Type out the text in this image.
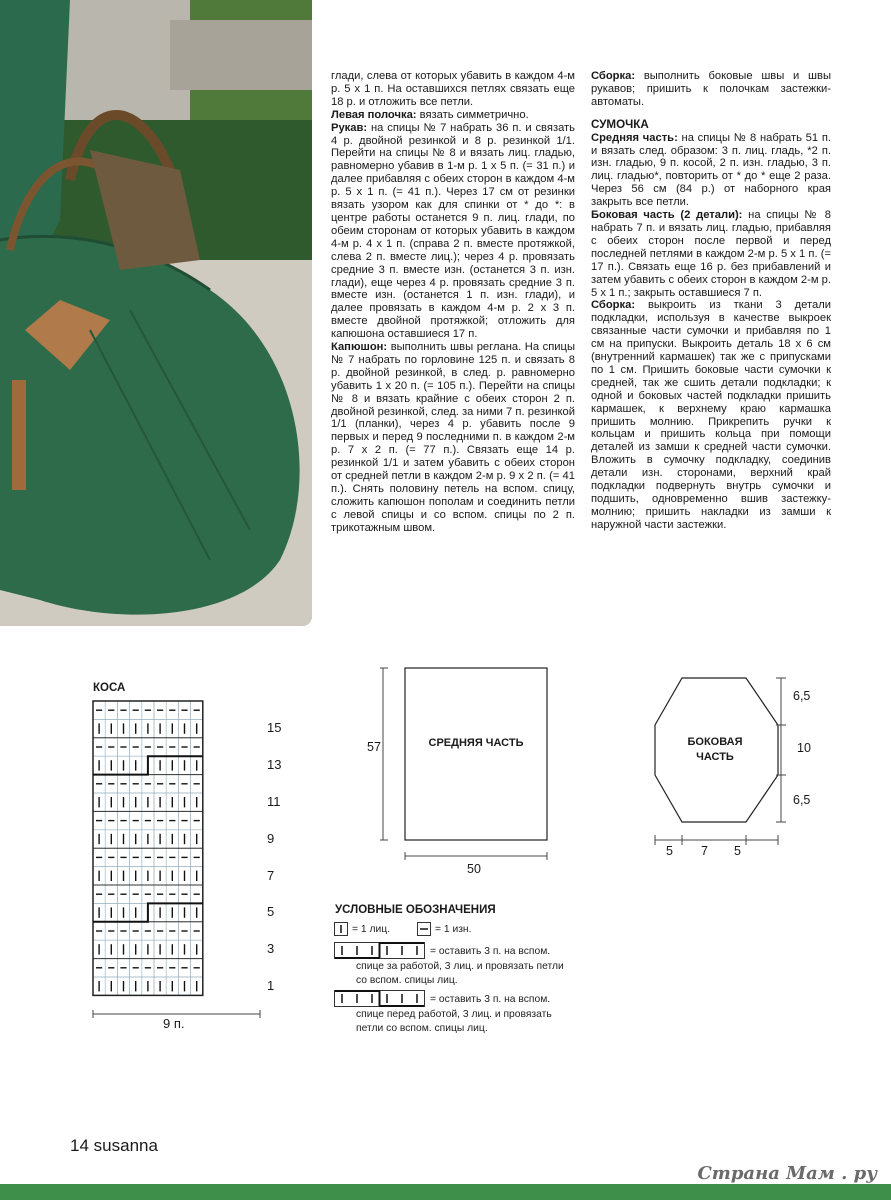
глади, слева от которых убавить в каждом 4-м р. 5 х 1 п. На оставшихся петлях связать еще 18 р. и отложить все петли.

Левая полочка: вязать симметрично.

Рукав: на спицы № 7 набрать 36 п. и связать 4 р. двойной резинкой и 8 р. резинкой 1/1. Перейти на спицы № 8 и вязать лиц. гладью, равномерно убавив в 1-м р. 1 х 5 п. (= 31 п.) и далее прибавляя с обеих сторон в каждом 4-м р. 5 х 1 п. (= 41 п.). Через 17 см от резинки вязать узором как для спинки от * до *: в центре работы останется 9 п. лиц. глади, по обеим сторонам от которых убавить в каждом 4-м р. 4 х 1 п. (справа 2 п. вместе протяжкой, слева 2 п. вместе лиц.); через 4 р. провязать средние 3 п. вместе изн. (останется 3 п. изн. глади), еще через 4 р. провязать средние 3 п. вместе изн. (останется 1 п. изн. глади), и далее провязать в каждом 4-м р. 2 х 3 п. вместе двойной протяжкой; отложить для капюшона оставшиеся 17 п.

Капюшон: выполнить швы реглана. На спицы № 7 набрать по горловине 125 п. и связать 8 р. двойной резинкой, в след. р. равномерно убавить 1 х 20 п. (= 105 п.). Перейти на спицы № 8 и вязать крайние с обеих сторон 2 п. двойной резинкой, след. за ними 7 п. резинкой 1/1 (планки), через 4 р. убавить после 9 первых и перед 9 последними п. в каждом 2-м р. 7 х 2 п. (= 77 п.). Связать еще 14 р. резинкой 1/1 и затем убавить с обеих сторон от средней петли в каждом 2-м р. 9 х 2 п. (= 41 п.). Снять половину петель на вспом. спицу, сложить капюшон пополам и соединить петли с левой спицы и со вспом. спицы по 2 п. трикотажным швом.

Сборка: выполнить боковые швы и швы рукавов; пришить к полочкам застежки-автоматы.

СУМОЧКА

Средняя часть: на спицы № 8 набрать 51 п. и вязать след. образом: 3 п. лиц. гладь, *2 п. изн. гладью, 9 п. косой, 2 п. изн. гладью, 3 п. лиц. гладью*, повторить от * до * еще 2 раза. Через 56 см (84 р.) от наборного края закрыть все петли.

Боковая часть (2 детали): на спицы № 8 набрать 7 п. и вязать лиц. гладью, прибавляя с обеих сторон после первой и перед последней петлями в каждом 2-м р. 5 х 1 п. (= 17 п.). Связать еще 16 р. без прибавлений и затем убавить с обеих сторон в каждом 2-м р. 5 х 1 п.; закрыть оставшиеся 7 п.

Сборка: выкроить из ткани 3 детали подкладки, используя в качестве выкроек связанные части сумочки и прибавляя по 1 см на припуски. Выкроить деталь 18 х 6 см (внутренний кармашек) так же с припусками по 1 см. Пришить боковые части сумочки к средней, так же сшить детали подкладки; к одной и боковых частей подкладки пришить кармашек, к верхнему краю кармашка пришить молнию. Прикрепить ручки к кольцам и пришить кольца при помощи деталей из замши к средней части сумочки. Вложить в сумочку подкладку, соединив детали изн. сторонами, верхний край подкладки подвернуть внутрь сумочки и подшить, одновременно вшив застежку-молнию; пришить накладки из замши к наружной части застежки.

КОСА
15
13
11
9
7
5
3
1
9 п.
СРЕДНЯЯ ЧАСТЬ
57
50
БОКОВАЯ
ЧАСТЬ
6,5
10
6,5
5 7 5
УСЛОВНЫЕ ОБОЗНАЧЕНИЯ
= 1 лиц.	= 1 изн.
= оставить 3 п. на вспом.
спице за работой, 3 лиц. и провязать петли
со вспом. спицы лиц.
= оставить 3 п. на вспом.
спице перед работой, 3 лиц. и провязать
петли со вспом. спицы лиц.
14 susanna
Страна Мам . ру
